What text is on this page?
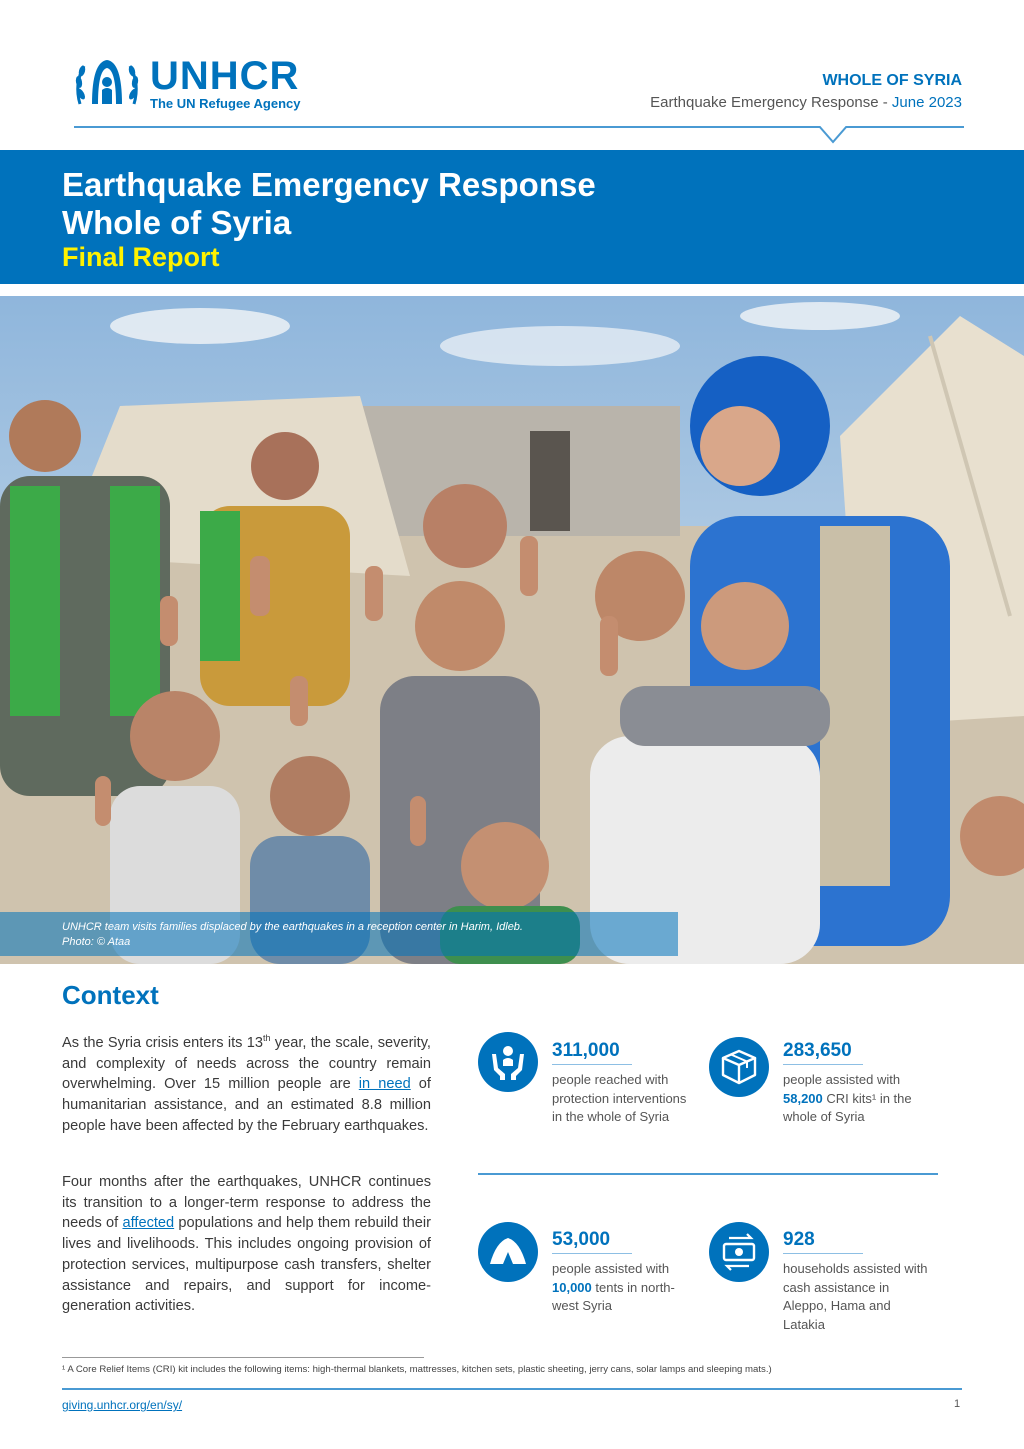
UNHCR
The UN Refugee Agency
WHOLE OF SYRIA
Earthquake Emergency Response - June 2023
Earthquake Emergency Response
Whole of Syria
Final Report
UNHCR team visits families displaced by the earthquakes in a reception center in Harim, Idleb.
Photo: © Ataa
Context
As the Syria crisis enters its 13th year, the scale, severity, and complexity of needs across the country remain overwhelming. Over 15 million people are in need of humanitarian assistance, and an estimated 8.8 million people have been affected by the February earthquakes.
Four months after the earthquakes, UNHCR continues its transition to a longer-term response to address the needs of affected populations and help them rebuild their lives and livelihoods. This includes ongoing provision of protection services, multipurpose cash transfers, shelter assistance and repairs, and support for income-generation activities.
311,000
people reached with protection interventions in the whole of Syria
283,650
people assisted with 58,200 CRI kits¹ in the whole of Syria
53,000
people assisted with 10,000 tents in north-west Syria
928
households assisted with cash assistance in Aleppo, Hama and Latakia
¹ A Core Relief Items (CRI) kit includes the following items: high-thermal blankets, mattresses, kitchen sets, plastic sheeting, jerry cans, solar lamps and sleeping mats.)
giving.unhcr.org/en/sy/	1
